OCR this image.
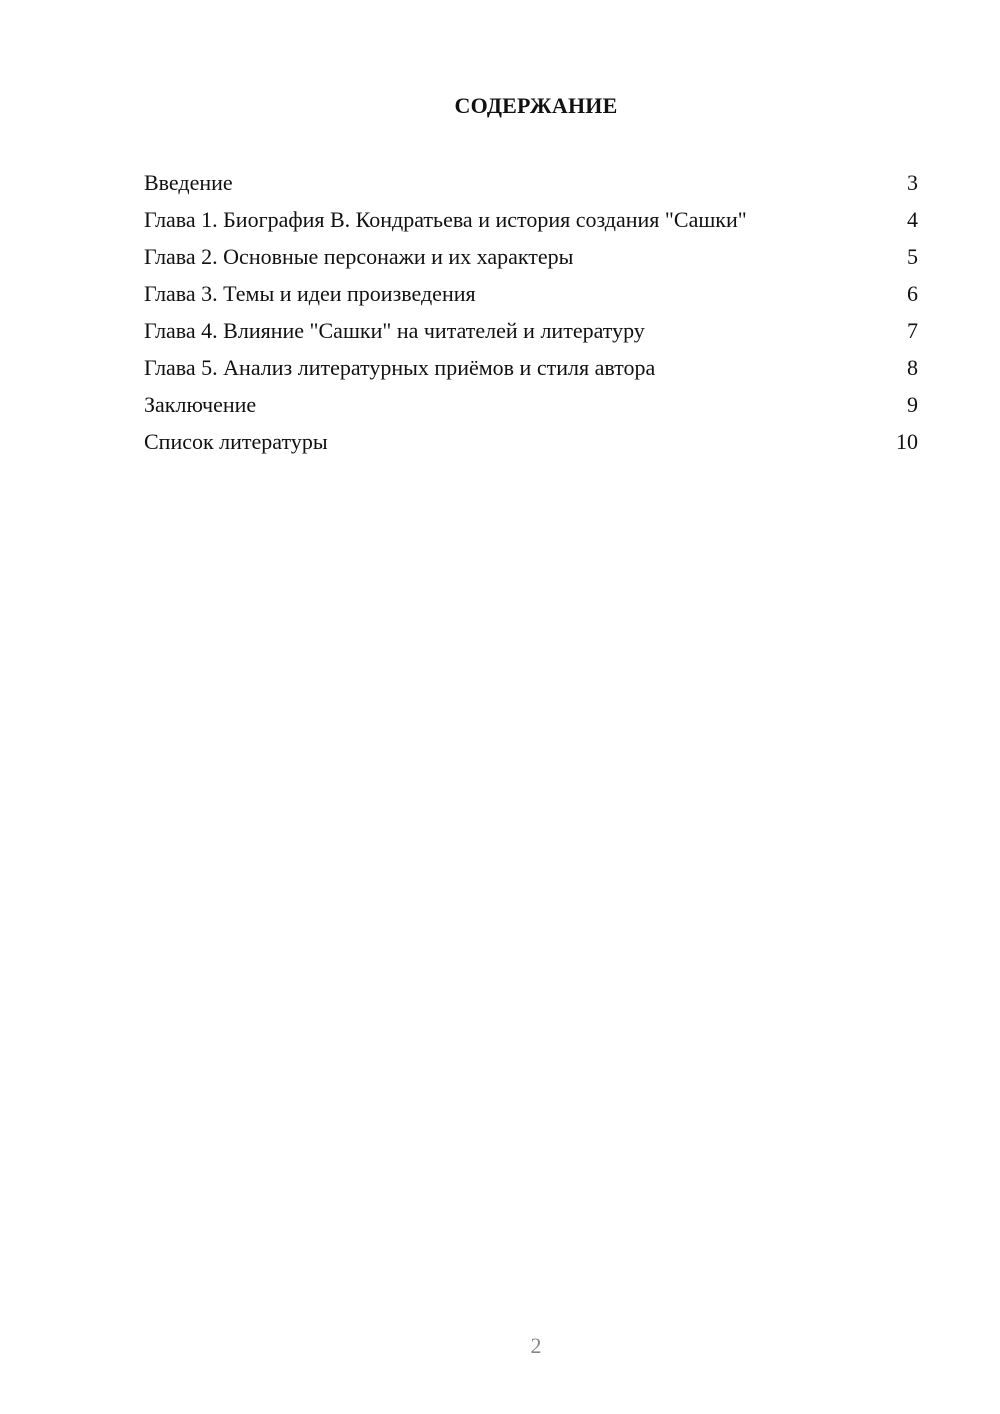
СОДЕРЖАНИЕ
Введение	3
Глава 1. Биография В. Кондратьева и история создания "Сашки"	4
Глава 2. Основные персонажи и их характеры	5
Глава 3. Темы и идеи произведения	6
Глава 4. Влияние "Сашки" на читателей и литературу	7
Глава 5. Анализ литературных приёмов и стиля автора	8
Заключение	9
Список литературы	10
2
